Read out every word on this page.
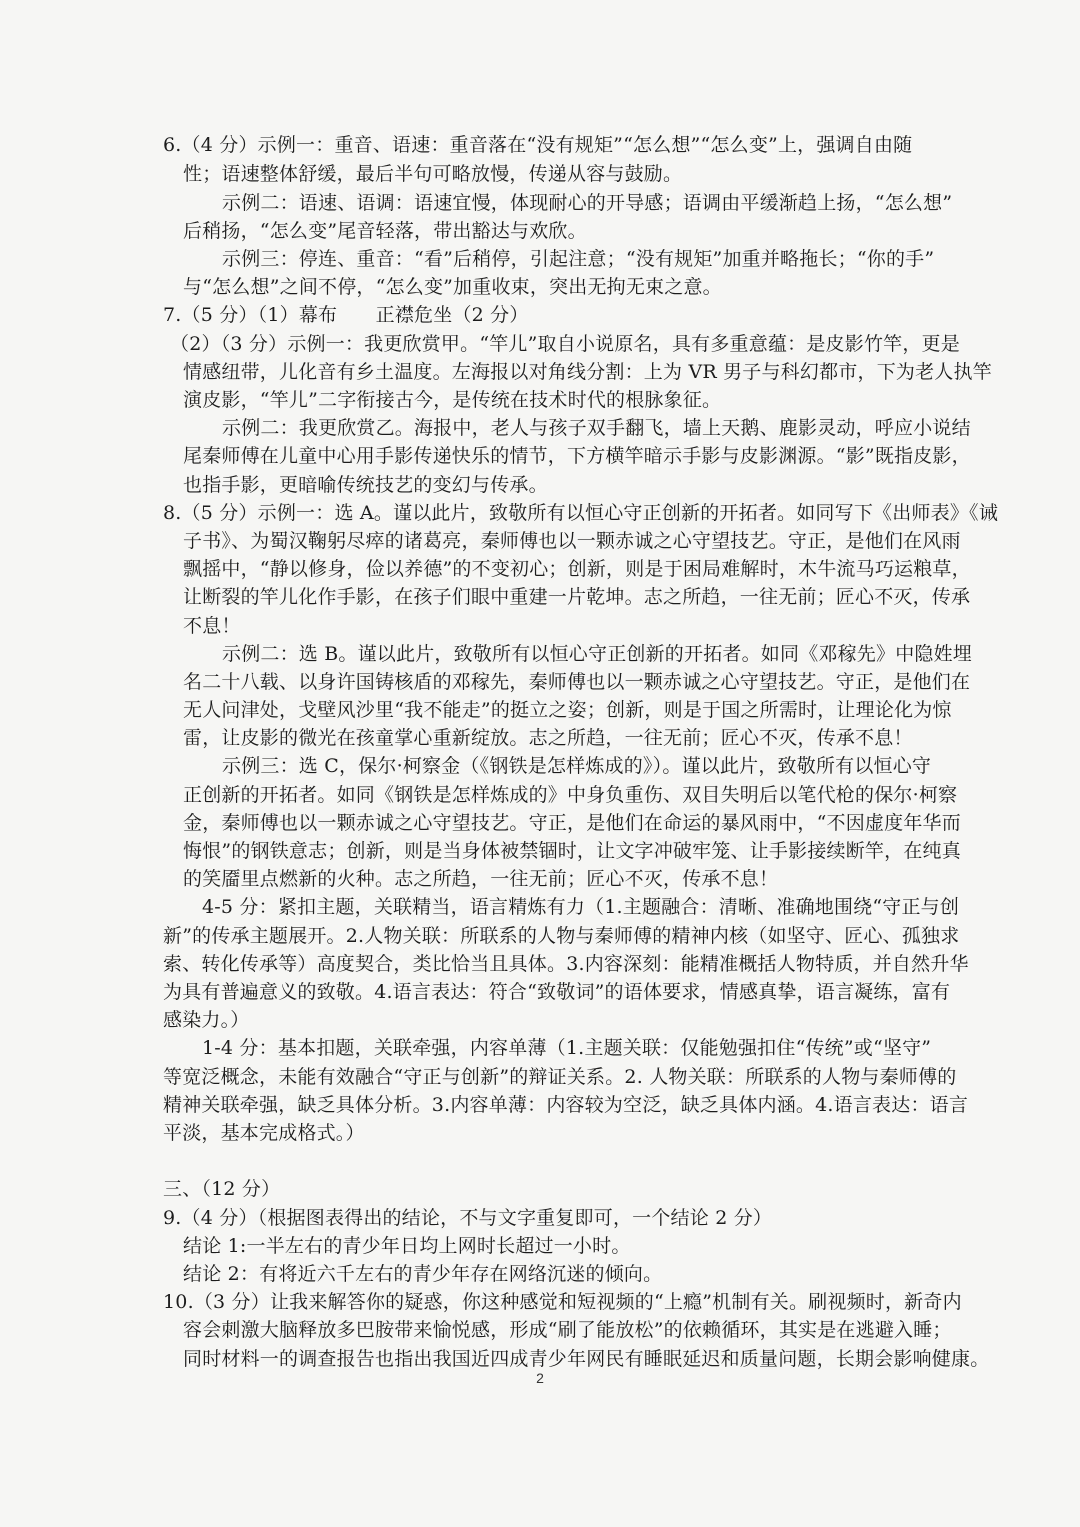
6.（4 分）示例一：重音、语速：重音落在“没有规矩”“怎么想”“怎么变”上，强调自由随
性；语速整体舒缓，最后半句可略放慢，传递从容与鼓励。
示例二：语速、语调：语速宜慢，体现耐心的开导感；语调由平缓渐趋上扬，“怎么想”
后稍扬，“怎么变”尾音轻落，带出豁达与欢欣。
示例三：停连、重音：“看”后稍停，引起注意；“没有规矩”加重并略拖长；“你的手”
与“怎么想”之间不停，“怎么变”加重收束，突出无拘无束之意。
7.（5 分）（1）幕布　　正襟危坐（2 分）
（2）（3 分）示例一：我更欣赏甲。“竿儿”取自小说原名，具有多重意蕴：是皮影竹竿，更是
情感纽带，儿化音有乡土温度。左海报以对角线分割：上为 VR 男子与科幻都市，下为老人执竿
演皮影，“竿儿”二字衔接古今，是传统在技术时代的根脉象征。
示例二：我更欣赏乙。海报中，老人与孩子双手翻飞，墙上天鹅、鹿影灵动，呼应小说结
尾秦师傅在儿童中心用手影传递快乐的情节，下方横竿暗示手影与皮影渊源。“影”既指皮影，
也指手影，更暗喻传统技艺的变幻与传承。
8.（5 分）示例一：选 A。谨以此片，致敬所有以恒心守正创新的开拓者。如同写下《出师表》《诫
子书》、为蜀汉鞠躬尽瘁的诸葛亮，秦师傅也以一颗赤诚之心守望技艺。守正，是他们在风雨
飘摇中，“静以修身，俭以养德”的不变初心；创新，则是于困局难解时，木牛流马巧运粮草，
让断裂的竿儿化作手影，在孩子们眼中重建一片乾坤。志之所趋，一往无前；匠心不灭，传承
不息！
示例二：选 B。谨以此片，致敬所有以恒心守正创新的开拓者。如同《邓稼先》中隐姓埋
名二十八载、以身许国铸核盾的邓稼先，秦师傅也以一颗赤诚之心守望技艺。守正，是他们在
无人问津处，戈壁风沙里“我不能走”的挺立之姿；创新，则是于国之所需时，让理论化为惊
雷，让皮影的微光在孩童掌心重新绽放。志之所趋，一往无前；匠心不灭，传承不息！
示例三：选 C，保尔·柯察金（《钢铁是怎样炼成的》）。谨以此片，致敬所有以恒心守
正创新的开拓者。如同《钢铁是怎样炼成的》中身负重伤、双目失明后以笔代枪的保尔·柯察
金，秦师傅也以一颗赤诚之心守望技艺。守正，是他们在命运的暴风雨中，“不因虚度年华而
悔恨”的钢铁意志；创新，则是当身体被禁锢时，让文字冲破牢笼、让手影接续断竿，在纯真
的笑靥里点燃新的火种。志之所趋，一往无前；匠心不灭，传承不息！
4-5 分：紧扣主题，关联精当，语言精炼有力（1.主题融合：清晰、准确地围绕“守正与创
新”的传承主题展开。2.人物关联：所联系的人物与秦师傅的精神内核（如坚守、匠心、孤独求
索、转化传承等）高度契合，类比恰当且具体。3.内容深刻：能精准概括人物特质，并自然升华
为具有普遍意义的致敬。4.语言表达：符合“致敬词”的语体要求，情感真挚，语言凝练，富有
感染力。）
1-4 分：基本扣题，关联牵强，内容单薄（1.主题关联：仅能勉强扣住“传统”或“坚守”
等宽泛概念，未能有效融合“守正与创新”的辩证关系。2. 人物关联：所联系的人物与秦师傅的
精神关联牵强，缺乏具体分析。3.内容单薄：内容较为空泛，缺乏具体内涵。4.语言表达：语言
平淡，基本完成格式。）
三、（12 分）
9.（4 分）（根据图表得出的结论，不与文字重复即可，一个结论 2 分）
结论 1:一半左右的青少年日均上网时长超过一小时。
结论 2：有将近六千左右的青少年存在网络沉迷的倾向。
10.（3 分）让我来解答你的疑惑，你这种感觉和短视频的“上瘾”机制有关。刷视频时，新奇内
容会刺激大脑释放多巴胺带来愉悦感，形成“刷了能放松”的依赖循环，其实是在逃避入睡；
同时材料一的调查报告也指出我国近四成青少年网民有睡眠延迟和质量问题，长期会影响健康。
2
